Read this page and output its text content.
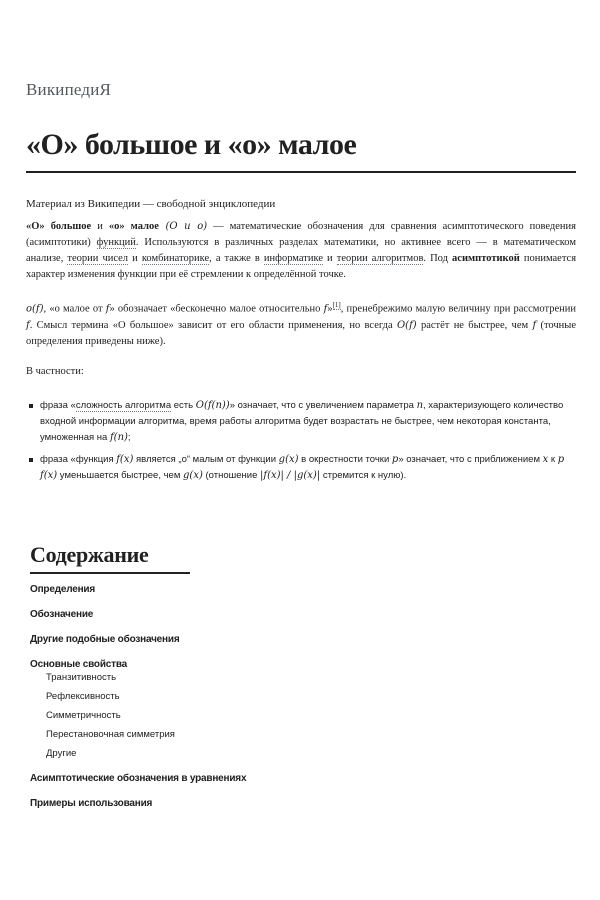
ВикипедиЯ
«O» большое и «o» малое
Материал из Википедии — свободной энциклопедии

«O» большое и «o» малое (O и o) — математические обозначения для сравнения асимптотического поведения (асимптотики) функций. Используются в различных разделах математики, но активнее всего — в математическом анализе, теории чисел и комбинаторике, а также в информатике и теории алгоритмов. Под асимптотикой понимается характер изменения функции при её стремлении к определённой точке.

o(f), «o малое от f» обозначает «бесконечно малое относительно f»[1], пренебрежимо малую величину при рассмотрении f. Смысл термина «О большое» зависит от его области применения, но всегда O(f) растёт не быстрее, чем f (точные определения приведены ниже).

В частности:

фраза «сложность алгоритма есть O(f(n))» означает, что с увеличением параметра n, характеризующего количество входной информации алгоритма, время работы алгоритма будет возрастать не быстрее, чем некоторая константа, умноженная на f(n);
фраза «функция f(x) является „о“ малым от функции g(x) в окрестности точки p» означает, что с приближением x к p f(x) уменьшается быстрее, чем g(x) (отношение |f(x)| / |g(x)| стремится к нулю).
Содержание
Определения
Обозначение
Другие подобные обозначения
Основные свойства
Транзитивность
Рефлексивность
Симметричность
Перестановочная симметрия
Другие
Асимптотические обозначения в уравнениях
Примеры использования
